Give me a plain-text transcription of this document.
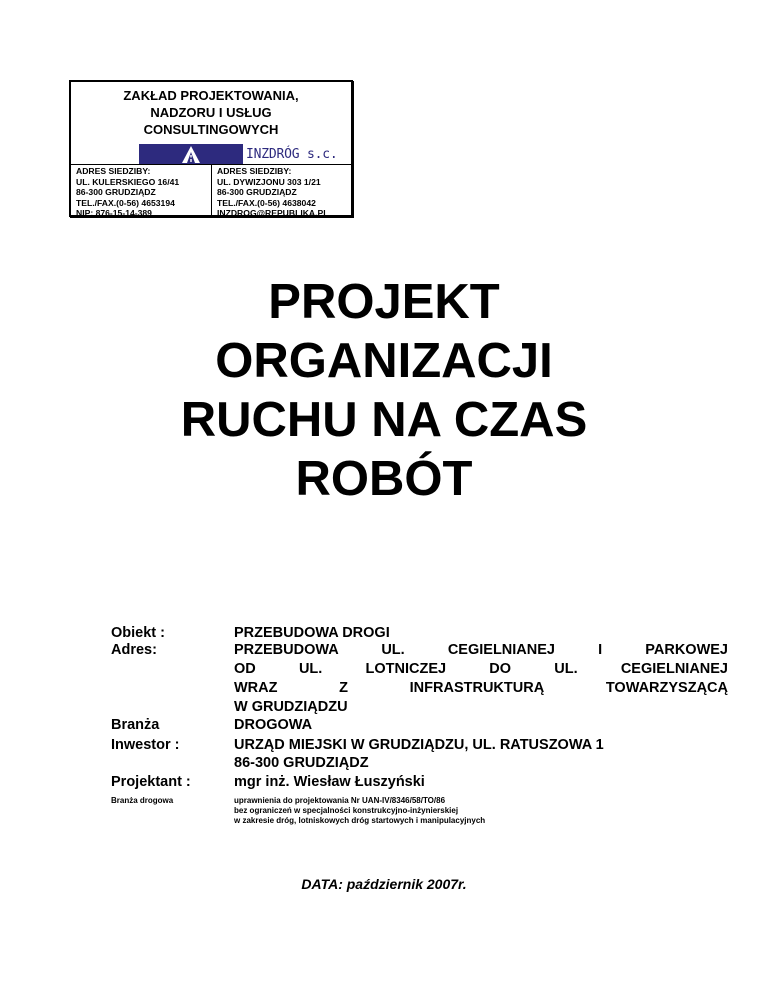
ZAKŁAD PROJEKTOWANIA,
NADZORU I USŁUG
CONSULTINGOWYCH
INZDRÓG s.c.
ADRES SIEDZIBY:
UL. KULERSKIEGO 16/41
86-300 GRUDZIĄDZ
TEL./FAX.(0-56) 4653194
NIP: 876-15-14-389
ADRES SIEDZIBY:
UL. DYWIZJONU 303 1/21
86-300 GRUDZIĄDZ
TEL./FAX.(0-56) 4638042
INZDROG@REPUBLIKA.PL
PROJEKT
ORGANIZACJI
RUCHU NA CZAS
ROBÓT
Obiekt :
Adres:
Branża
Inwestor :
Projektant :
Branża drogowa
PRZEBUDOWA DROGI
PRZEBUDOWA UL. CEGIELNIANEJ I PARKOWEJ
OD UL. LOTNICZEJ DO UL. CEGIELNIANEJ
WRAZ Z INFRASTRUKTURĄ TOWARZYSZĄCĄ
W GRUDZIĄDZU
DROGOWA
URZĄD MIEJSKI W GRUDZIĄDZU, UL. RATUSZOWA 1
86-300 GRUDZIĄDZ
mgr inż. Wiesław Łuszyński
uprawnienia do projektowania Nr UAN-IV/8346/58/TO/86
bez ograniczeń w specjalności konstrukcyjno-inżynierskiej
w zakresie dróg, lotniskowych dróg startowych i manipulacyjnych
DATA: październik 2007r.
